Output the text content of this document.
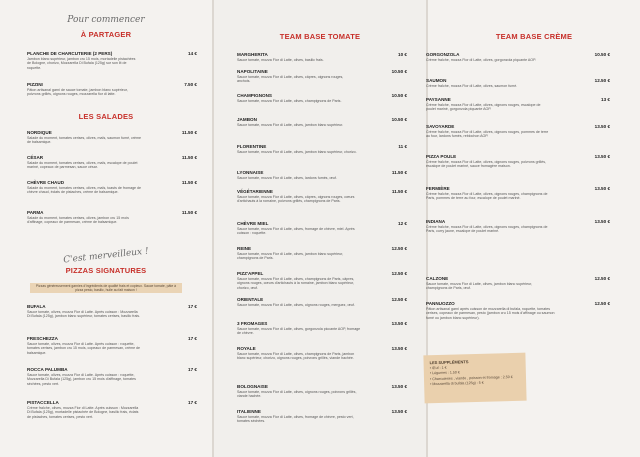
Pour commencer
À PARTAGER
PLANCHE DE CHARCUTERIE (2 PERS)	14 €
Jambon blanc supérieur, jambon cru 15 mois, mortadelle pistachées de Bologne, chorizo, Mozzarella Di Bufala (125g) sur son lit de roquette.
PIZZINI	7.50 €
Pâton artisanal garni de sauce tomate, jambon blanc supérieur, poivrons grillés, oignons rouges, mozzarella fior di latte.
LES SALADES
NORDIQUE	11.50 €
Salade du moment, tomates cerises, olives, maïs, saumon fumé, crème de balsamique.
CÉSAR	11.50 €
Salade du moment, tomates cerises, olives, maïs, escalope de poulet mariné, copeaux de parmesan, sauce césar.
CHÈVRE CHAUD	11.50 €
Salade du moment, tomates cerises, olives, maïs, toasts de fromage de chèvre chaud, éclats de pistaches, crème de balsamique.
PARMA	11.50 €
Salade du moment, tomates cerises, olives, jambon cru 15 mois d'affinage, copeaux de parmesan, crème de balsamique.
C'est merveilleux !
PIZZAS SIGNATURES
Pizzas généreusement garnies d'ingrédients de qualité frais et copieux. Sauce tomate, pâte à pizza pesto, basilic, huile au fait maison !
BUFALA	17 €
Sauce tomate, olives, mozza Fior di Latte. Après cuisson : Mozzarella Di Bufala (125g), jambon blanc supérieur, tomates cerises, basilic frais.
FRESCHEZZA	17 €
Sauce tomate, olives, mozza Fior di Latte. Après cuisson : roquette, tomates cerises, jambon cru 15 mois, copeaux de parmesan, crème de balsamique.
ROCCA PALUMBA	17 €
Sauce tomate, olives, mozza Fior di Latte. Après cuisson : roquette, Mozzarella Di Bufala (125g), jambon cru 15 mois d'affinage, tomates séchées, pesto vert.
PISTACCELLA	17 €
Crème fraîche, olives, mozza Fior di Latte. Après cuisson : Mozzarella Di Bufala (125g), mortadelle pistachée de Bologne, basilic frais, éclats de pistaches, tomates cerises, pesto vert.
TEAM BASE TOMATE
MARGHERITA	10 €
Sauce tomate, mozza Fior di Latte, olives, basilic frais.
NAPOLITAINE	10.50 €
Sauce tomate, mozza Fior di Latte, olives, câpres, oignons rouges, anchois.
CHAMPIGNONS	10.50 €
Sauce tomate, mozza Fior di Latte, olives, champignons de Paris.
JAMBON	10.50 €
Sauce tomate, mozza Fior di Latte, olives, jambon blanc supérieur.
FLORENTINE	11 €
Sauce tomate, mozza Fior di Latte, olives, jambon blanc supérieur, chorizo.
LYONNAISE	11.50 €
Sauce tomate, mozza Fior di Latte, olives, lardons fumés, œuf.
VÉGÉTARIENNE	11.50 €
Sauce tomate, mozza Fior di Latte, olives, câpres, oignons rouges, cœurs d'artichauts à la romaine, poivrons grillés, champignons de Paris.
CHÈVRE MIEL	12 €
Sauce tomate, mozza Fior di Latte, olives, fromage de chèvre, miel. Après cuisson : roquette.
REINE	12.50 €
Sauce tomate, mozza Fior di Latte, olives, jambon blanc supérieur, champignons de Paris.
PIZZ'APPEL	12.50 €
Sauce tomate, mozza Fior di Latte, olives, champignons de Paris, câpres, oignons rouges, cœurs d'artichauts à la romaine, jambon blanc supérieur, chorizo, œuf.
ORIENTALE	12.50 €
Sauce tomate, mozza Fior di Latte, olives, oignons rouges, merguez, œuf.
3 FROMAGES	13.50 €
Sauce tomate, mozza Fior di Latte, olives, gorgonzola piccante AOP, fromage de chèvre.
ROYALE	13.50 €
Sauce tomate, mozza Fior di Latte, olives, champignons de Paris, jambon blanc supérieur, chorizo, oignons rouges, poivrons grillés, viande hachée.
BOLOGNAISE	13.50 €
Sauce tomate, mozza Fior di Latte, olives, oignons rouges, poivrons grillés, viande hachée.
ITALIENNE	13.50 €
Sauce tomate, mozza Fior di Latte, olives, fromage de chèvre, pesto vert, tomates séchées.
TEAM BASE CRÈME
GORGONZOLA	10.50 €
Crème fraîche, mozza Fior di Latte, olives, gorgonzola piquante AOP.
SAUMON	12.50 €
Crème fraîche, mozza Fior di Latte, olives, saumon fumé.
PAYSANNE	13 €
Crème fraîche, mozza Fior di Latte, olives, oignons rouges, escalope de poulet mariné, gorgonzola piquante AOP.
SAVOYARDE	13.50 €
Crème fraîche, mozza Fior di Latte, olives, oignons rouges, pommes de terre au four, lardons fumés, reblochon AOP.
PIZZA POULE	13.50 €
Crème fraîche, mozza Fior di Latte, olives, oignons rouges, poivrons grillés, escalope de poulet mariné, sauce fromagère maison.
FERMIÈRE	13.50 €
Crème fraîche, mozza Fior di Latte, olives, oignons rouges, champignons de Paris, pommes de terre au four, escalope de poulet mariné.
INDIANA	13.50 €
Crème fraîche, mozza Fior di Latte, olives, oignons rouges, champignons de Paris, curry jaune, escalope de poulet mariné.
CALZONE	12.50 €
Sauce tomate, mozza Fior di Latte, olives, jambon blanc supérieur, champignons de Paris, œuf.
PANNUOZZO	12.50 €
Pâton artisanal garni après cuisson de mozzarella di bufala, roquette, tomates cerises, copeaux de parmesan, pesto (jambon cru 15 mois d'affinage ou saumon fumé ou jambon blanc supérieur).
LES SUPPLÉMENTS
• Œuf : 1 €
• Légumes : 1.50 €
• Charcuteries , viande , poisson et fromage : 2.50 €
• Mozzarella di bufala (125g) : 5 €
